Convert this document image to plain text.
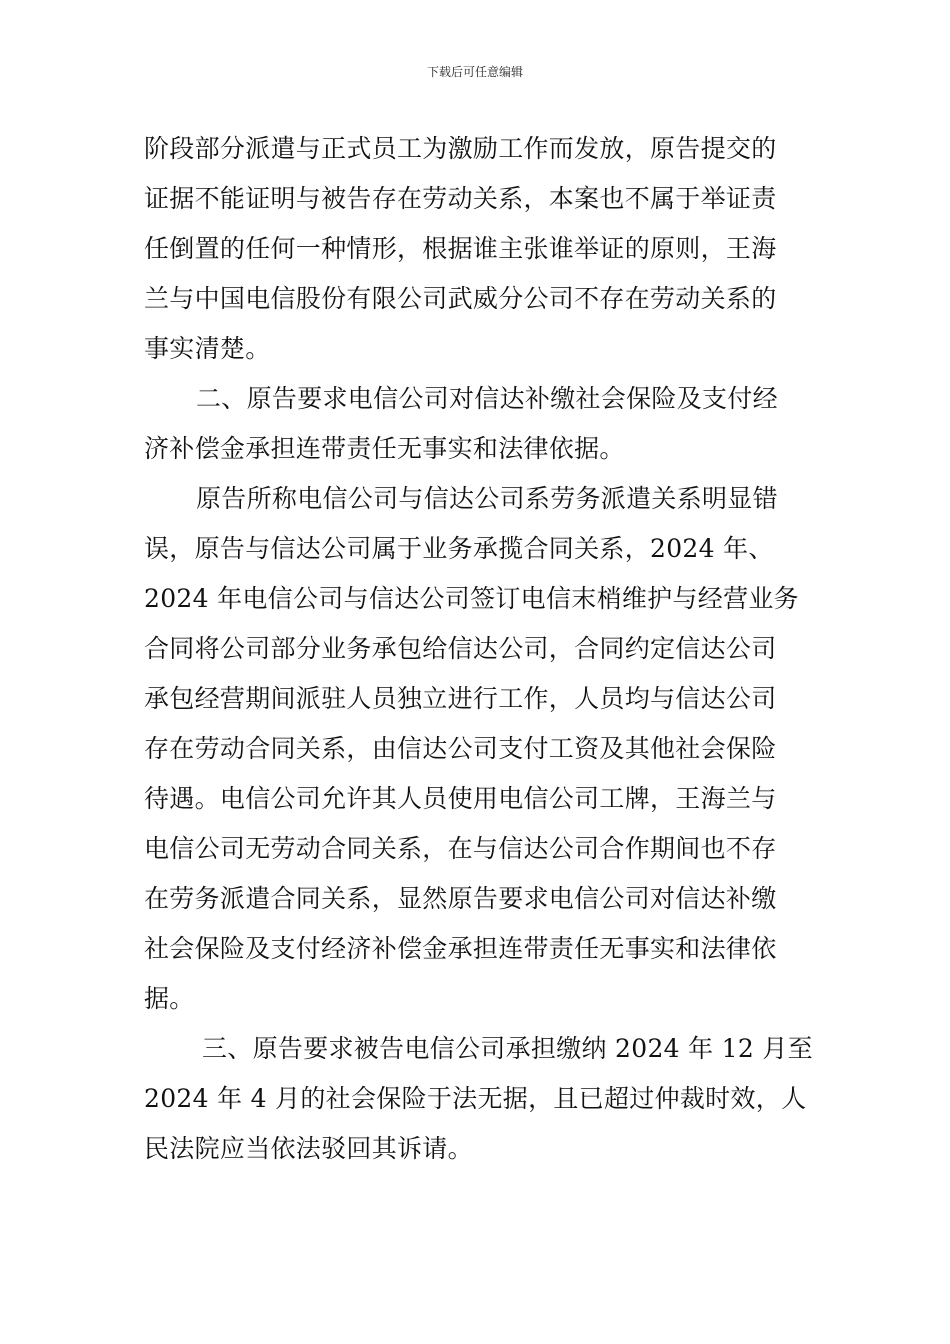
下载后可任意编辑
阶段部分派遣与正式员工为激励工作而发放，原告提交的
证据不能证明与被告存在劳动关系，本案也不属于举证责
任倒置的任何一种情形，根据谁主张谁举证的原则，王海
兰与中国电信股份有限公司武威分公司不存在劳动关系的
事实清楚。
二、原告要求电信公司对信达补缴社会保险及支付经
济补偿金承担连带责任无事实和法律依据。
原告所称电信公司与信达公司系劳务派遣关系明显错
误，原告与信达公司属于业务承揽合同关系，2024 年、
2024 年电信公司与信达公司签订电信末梢维护与经营业务
合同将公司部分业务承包给信达公司，合同约定信达公司
承包经营期间派驻人员独立进行工作，人员均与信达公司
存在劳动合同关系，由信达公司支付工资及其他社会保险
待遇。电信公司允许其人员使用电信公司工牌，王海兰与
电信公司无劳动合同关系，在与信达公司合作期间也不存
在劳务派遣合同关系，显然原告要求电信公司对信达补缴
社会保险及支付经济补偿金承担连带责任无事实和法律依
据。
三、原告要求被告电信公司承担缴纳 2024 年 12 月至
2024 年 4 月的社会保险于法无据，且已超过仲裁时效，人
民法院应当依法驳回其诉请。
